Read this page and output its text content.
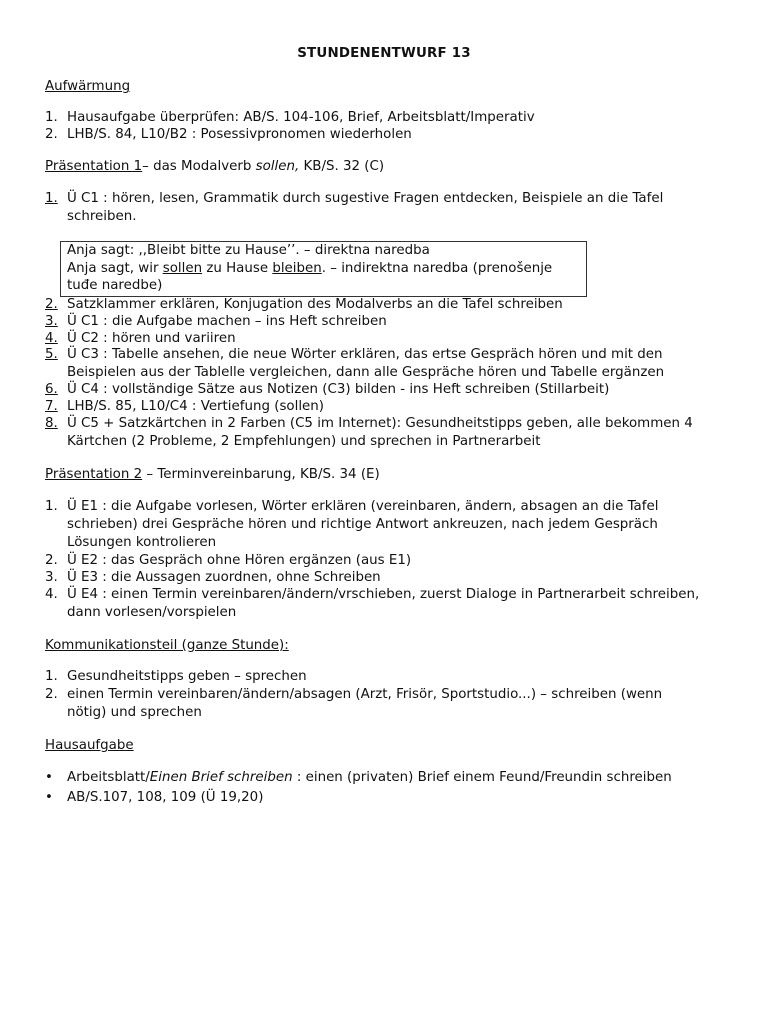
STUNDENENTWURF 13
Aufwärmung
1. Hausaufgabe überprüfen: AB/S. 104-106, Brief, Arbeitsblatt/Imperativ
2. LHB/S. 84, L10/B2 : Posessivpronomen wiederholen
Präsentation 1– das Modalverb sollen, KB/S. 32 (C)
1. Ü C1 : hören, lesen, Grammatik durch sugestive Fragen entdecken, Beispiele an die Tafel
schreiben.
Anja sagt: ,,Bleibt bitte zu Hause’’. – direktna naredba
Anja sagt, wir sollen zu Hause bleiben. – indirektna naredba (prenošenje
tuđe naredbe)
2. Satzklammer erklären, Konjugation des Modalverbs an die Tafel schreiben
3. Ü C1 : die Aufgabe machen – ins Heft schreiben
4. Ü C2 : hören und variiren
5. Ü C3 : Tabelle ansehen, die neue Wörter erklären, das ertse Gespräch hören und mit den
Beispielen aus der Tablelle vergleichen, dann alle Gespräche hören und Tabelle ergänzen
6. Ü C4 : vollständige Sätze aus Notizen (C3) bilden - ins Heft schreiben (Stillarbeit)
7. LHB/S. 85, L10/C4 : Vertiefung (sollen)
8. Ü C5 + Satzkärtchen in 2 Farben (C5 im Internet): Gesundheitstipps geben, alle bekommen 4
Kärtchen (2 Probleme, 2 Empfehlungen) und sprechen in Partnerarbeit
Präsentation 2 – Terminvereinbarung, KB/S. 34 (E)
1. Ü E1 : die Aufgabe vorlesen, Wörter erklären (vereinbaren, ändern, absagen an die Tafel
schrieben) drei Gespräche hören und richtige Antwort ankreuzen, nach jedem Gespräch
Lösungen kontrolieren
2. Ü E2 : das Gespräch ohne Hören ergänzen (aus E1)
3. Ü E3 : die Aussagen zuordnen, ohne Schreiben
4. Ü E4 : einen Termin vereinbaren/ändern/vrschieben, zuerst Dialoge in Partnerarbeit schreiben,
dann vorlesen/vorspielen
Kommunikationsteil (ganze Stunde):
1. Gesundheitstipps geben – sprechen
2. einen Termin vereinbaren/ändern/absagen (Arzt, Frisör, Sportstudio...) – schreiben (wenn
nötig) und sprechen
Hausaufgabe
• Arbeitsblatt/Einen Brief schreiben : einen (privaten) Brief einem Feund/Freundin schreiben
• AB/S.107, 108, 109 (Ü 19,20)
